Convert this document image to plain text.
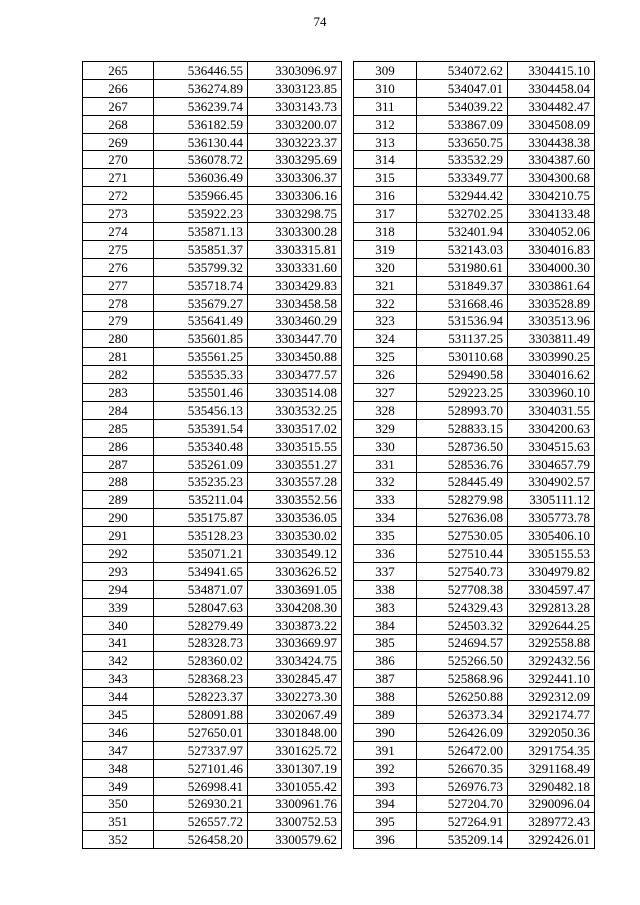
74
265	536446.55	3303096.97
266	536274.89	3303123.85
267	536239.74	3303143.73
268	536182.59	3303200.07
269	536130.44	3303223.37
270	536078.72	3303295.69
271	536036.49	3303306.37
272	535966.45	3303306.16
273	535922.23	3303298.75
274	535871.13	3303300.28
275	535851.37	3303315.81
276	535799.32	3303331.60
277	535718.74	3303429.83
278	535679.27	3303458.58
279	535641.49	3303460.29
280	535601.85	3303447.70
281	535561.25	3303450.88
282	535535.33	3303477.57
283	535501.46	3303514.08
284	535456.13	3303532.25
285	535391.54	3303517.02
286	535340.48	3303515.55
287	535261.09	3303551.27
288	535235.23	3303557.28
289	535211.04	3303552.56
290	535175.87	3303536.05
291	535128.23	3303530.02
292	535071.21	3303549.12
293	534941.65	3303626.52
294	534871.07	3303691.05
339	528047.63	3304208.30
340	528279.49	3303873.22
341	528328.73	3303669.97
342	528360.02	3303424.75
343	528368.23	3302845.47
344	528223.37	3302273.30
345	528091.88	3302067.49
346	527650.01	3301848.00
347	527337.97	3301625.72
348	527101.46	3301307.19
349	526998.41	3301055.42
350	526930.21	3300961.76
351	526557.72	3300752.53
352	526458.20	3300579.62
309	534072.62	3304415.10
310	534047.01	3304458.04
311	534039.22	3304482.47
312	533867.09	3304508.09
313	533650.75	3304438.38
314	533532.29	3304387.60
315	533349.77	3304300.68
316	532944.42	3304210.75
317	532702.25	3304133.48
318	532401.94	3304052.06
319	532143.03	3304016.83
320	531980.61	3304000.30
321	531849.37	3303861.64
322	531668.46	3303528.89
323	531536.94	3303513.96
324	531137.25	3303811.49
325	530110.68	3303990.25
326	529490.58	3304016.62
327	529223.25	3303960.10
328	528993.70	3304031.55
329	528833.15	3304200.63
330	528736.50	3304515.63
331	528536.76	3304657.79
332	528445.49	3304902.57
333	528279.98	3305111.12
334	527636.08	3305773.78
335	527530.05	3305406.10
336	527510.44	3305155.53
337	527540.73	3304979.82
338	527708.38	3304597.47
383	524329.43	3292813.28
384	524503.32	3292644.25
385	524694.57	3292558.88
386	525266.50	3292432.56
387	525868.96	3292441.10
388	526250.88	3292312.09
389	526373.34	3292174.77
390	526426.09	3292050.36
391	526472.00	3291754.35
392	526670.35	3291168.49
393	526976.73	3290482.18
394	527204.70	3290096.04
395	527264.91	3289772.43
396	535209.14	3292426.01
